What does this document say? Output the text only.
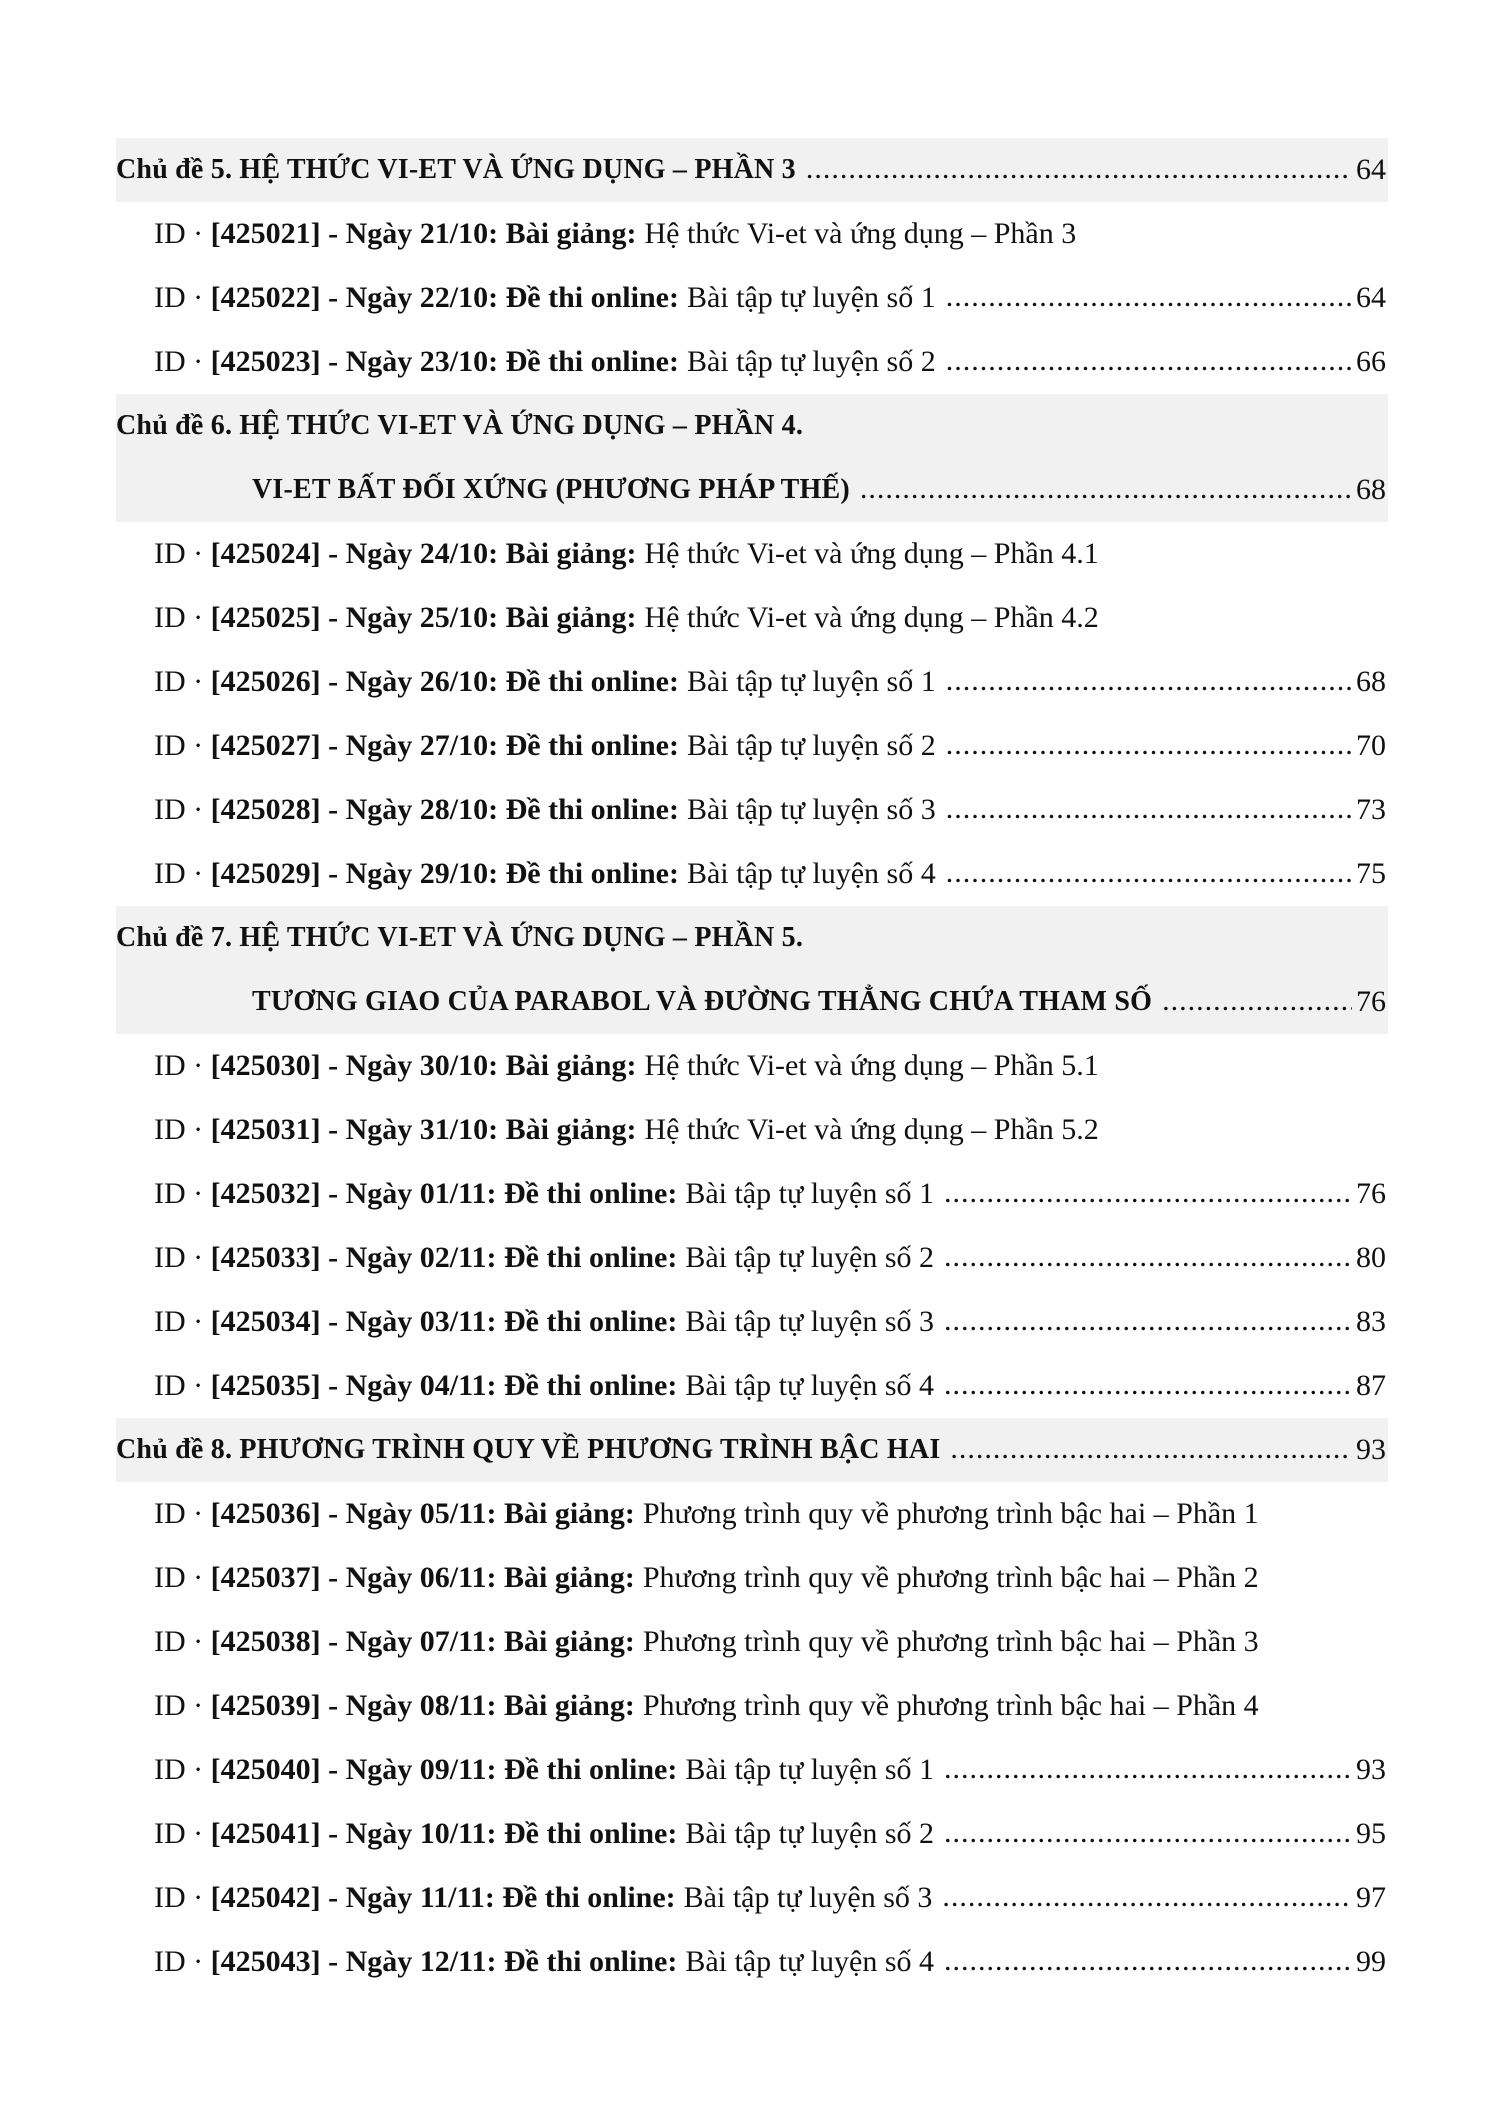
Chủ đề 5. HỆ THỨC VI-ET VÀ ỨNG DỤNG – PHẦN 3 .....	64
ID ·
[425021] - Ngày 21/10:
Bài giảng: Hệ thức Vi-et và ứng dụng – Phần 3
ID ·
[425022] - Ngày 22/10:
Đề thi online: Bài tập tự luyện số 1 .....	64
ID ·
[425023] - Ngày 23/10:
Đề thi online: Bài tập tự luyện số 2 .....	66
Chủ đề 6. HỆ THỨC VI-ET VÀ ỨNG DỤNG – PHẦN 4.
VI-ET BẤT ĐỐI XỨNG (PHƯƠNG PHÁP THẾ) .....	68
ID ·
[425024] - Ngày 24/10:
Bài giảng: Hệ thức Vi-et và ứng dụng – Phần 4.1
ID ·
[425025] - Ngày 25/10:
Bài giảng: Hệ thức Vi-et và ứng dụng – Phần 4.2
ID ·
[425026] - Ngày 26/10:
Đề thi online: Bài tập tự luyện số 1 .....	68
ID ·
[425027] - Ngày 27/10:
Đề thi online: Bài tập tự luyện số 2 .....	70
ID ·
[425028] - Ngày 28/10:
Đề thi online: Bài tập tự luyện số 3 .....	73
ID ·
[425029] - Ngày 29/10:
Đề thi online: Bài tập tự luyện số 4 .....	75
Chủ đề 7. HỆ THỨC VI-ET VÀ ỨNG DỤNG – PHẦN 5.
TƯƠNG GIAO CỦA PARABOL VÀ ĐƯỜNG THẲNG CHỨA THAM SỐ .....	76
ID ·
[425030] - Ngày 30/10:
Bài giảng: Hệ thức Vi-et và ứng dụng – Phần 5.1
ID ·
[425031] - Ngày 31/10:
Bài giảng: Hệ thức Vi-et và ứng dụng – Phần 5.2
ID ·
[425032] - Ngày 01/11:
Đề thi online: Bài tập tự luyện số 1 .....	76
ID ·
[425033] - Ngày 02/11:
Đề thi online: Bài tập tự luyện số 2 .....	80
ID ·
[425034] - Ngày 03/11:
Đề thi online: Bài tập tự luyện số 3 .....	83
ID ·
[425035] - Ngày 04/11:
Đề thi online: Bài tập tự luyện số 4 .....	87
Chủ đề 8. PHƯƠNG TRÌNH QUY VỀ PHƯƠNG TRÌNH BẬC HAI .....	93
ID ·
[425036] - Ngày 05/11:
Bài giảng: Phương trình quy về phương trình bậc hai – Phần 1
ID ·
[425037] - Ngày 06/11:
Bài giảng: Phương trình quy về phương trình bậc hai – Phần 2
ID ·
[425038] - Ngày 07/11:
Bài giảng: Phương trình quy về phương trình bậc hai – Phần 3
ID ·
[425039] - Ngày 08/11:
Bài giảng: Phương trình quy về phương trình bậc hai – Phần 4
ID ·
[425040] - Ngày 09/11:
Đề thi online: Bài tập tự luyện số 1 .....	93
ID ·
[425041] - Ngày 10/11:
Đề thi online: Bài tập tự luyện số 2 .....	95
ID ·
[425042] - Ngày 11/11:
Đề thi online: Bài tập tự luyện số 3 .....	97
ID ·
[425043] - Ngày 12/11:
Đề thi online: Bài tập tự luyện số 4 .....	99
